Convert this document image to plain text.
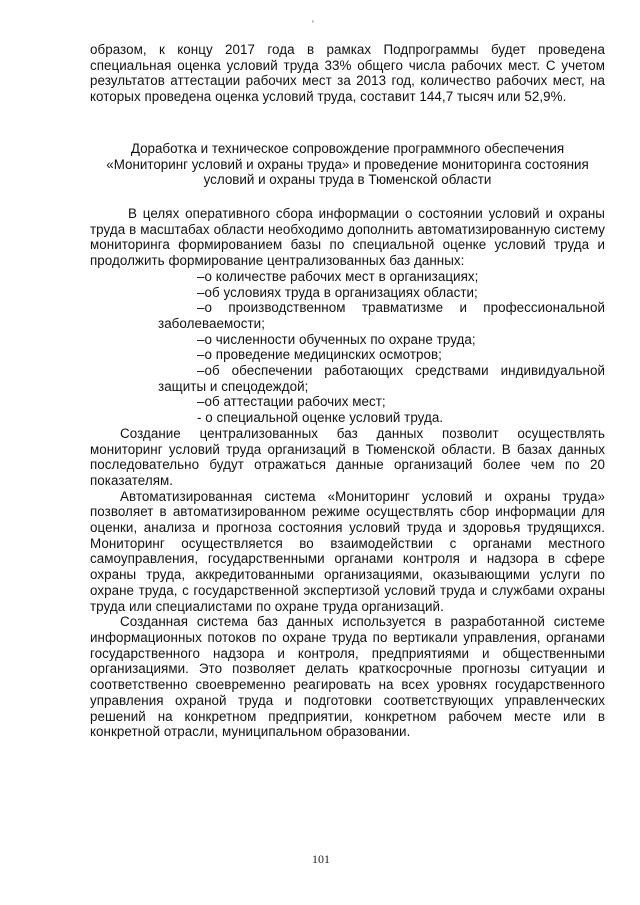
'

образом, к концу 2017 года в рамках Подпрограммы будет проведена специальная оценка условий труда 33% общего числа рабочих мест. С учетом результатов аттестации рабочих мест за 2013 год, количество рабочих мест, на которых проведена оценка условий труда, составит 144,7 тысяч или 52,9%.

Доработка и техническое сопровождение программного обеспечения «Мониторинг условий и охраны труда» и проведение мониторинга состояния условий и охраны труда в Тюменской области

В целях оперативного сбора информации о состоянии условий и охраны труда в масштабах области необходимо дополнить автоматизированную систему мониторинга формированием базы по специальной оценке условий труда и продолжить формирование централизованных баз данных:

–о количестве рабочих мест в организациях;

–об условиях труда в организациях области;

–о производственном травматизме и профессиональной

заболеваемости;

–о численности обученных по охране труда;

–о проведение медицинских осмотров;

–об обеспечении работающих средствами индивидуальной

защиты и спецодеждой;

–об аттестации рабочих мест;

- о специальной оценке условий труда.

Создание централизованных баз данных позволит осуществлять мониторинг условий труда организаций в Тюменской области. В базах данных последовательно будут отражаться данные организаций более чем по 20 показателям.

Автоматизированная система «Мониторинг условий и охраны труда» позволяет в автоматизированном режиме осуществлять сбор информации для оценки, анализа и прогноза состояния условий труда и здоровья трудящихся. Мониторинг осуществляется во взаимодействии с органами местного самоуправления, государственными органами контроля и надзора в сфере охраны труда, аккредитованными организациями, оказывающими услуги по охране труда, с государственной экспертизой условий труда и службами охраны труда или специалистами по охране труда организаций.

Созданная система баз данных используется в разработанной системе информационных потоков по охране труда по вертикали управления, органами государственного надзора и контроля, предприятиями и общественными организациями. Это позволяет делать краткосрочные прогнозы ситуации и соответственно своевременно реагировать на всех уровнях государственного управления охраной труда и подготовки соответствующих управленческих решений на конкретном предприятии, конкретном рабочем месте или в конкретной отрасли, муниципальном образовании.

101
